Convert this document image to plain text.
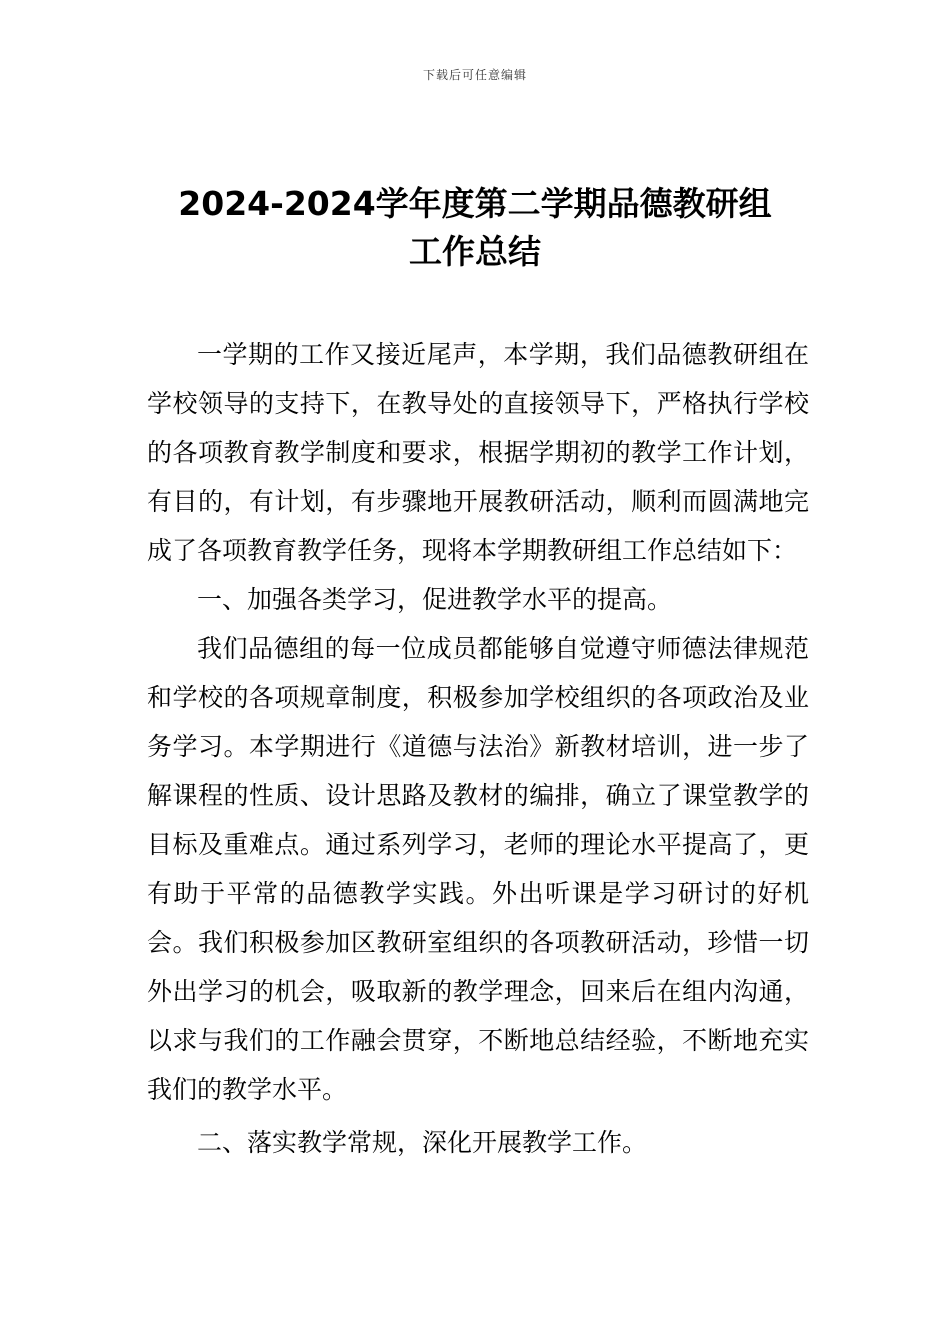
下载后可任意编辑
2024-2024学年度第二学期品德教研组
工作总结

一学期的工作又接近尾声，本学期，我们品德教研组在学校领导的支持下，在教导处的直接领导下，严格执行学校的各项教育教学制度和要求，根据学期初的教学工作计划，有目的，有计划，有步骤地开展教研活动，顺利而圆满地完成了各项教育教学任务，现将本学期教研组工作总结如下：

一、加强各类学习，促进教学水平的提高。

我们品德组的每一位成员都能够自觉遵守师德法律规范和学校的各项规章制度，积极参加学校组织的各项政治及业务学习。本学期进行《道德与法治》新教材培训，进一步了解课程的性质、设计思路及教材的编排，确立了课堂教学的目标及重难点。通过系列学习，老师的理论水平提高了，更有助于平常的品德教学实践。外出听课是学习研讨的好机会。我们积极参加区教研室组织的各项教研活动，珍惜一切外出学习的机会，吸取新的教学理念，回来后在组内沟通，以求与我们的工作融会贯穿，不断地总结经验，不断地充实我们的教学水平。

二、落实教学常规，深化开展教学工作。
